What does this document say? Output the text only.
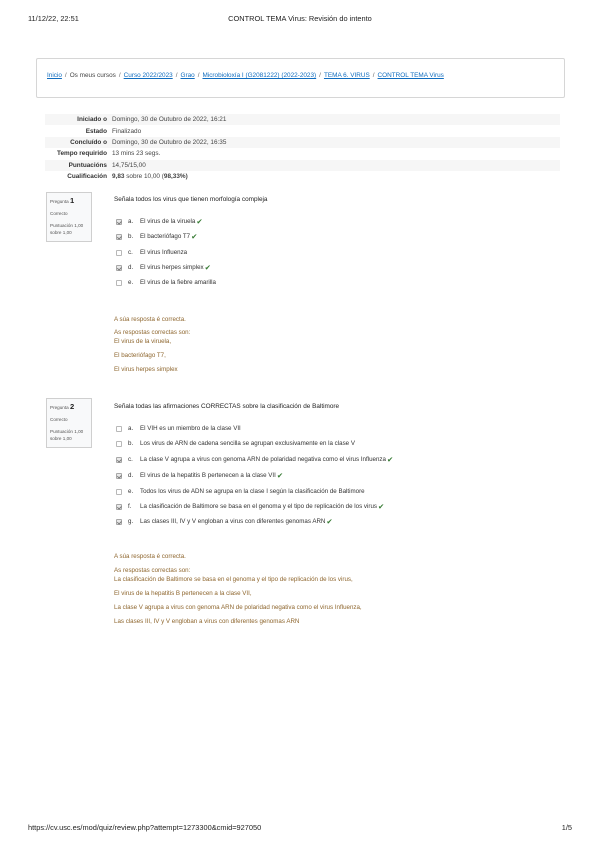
11/12/22, 22:51	CONTROL TEMA Virus: Revisión do intento
Inicio / Os meus cursos / Curso 2022/2023 / Grao / Microbioloxía I (G2081222) (2022-2023) / TEMA 6. VIRUS / CONTROL TEMA Virus
Iniciado o	Domingo, 30 de Outubro de 2022, 16:21
Estado	Finalizado
Concluído o	Domingo, 30 de Outubro de 2022, 16:35
Tempo requirido	13 mins 23 segs.
Puntuacións	14,75/15,00
Cualificación	9,83 sobre 10,00 (98,33%)
Pregunta 1
Correcto
Puntuación 1,00 sobre 1,00
Señala todos los virus que tienen morfología compleja
a.	El virus de la viruela ✔
b.	El bacteriófago T7 ✔
c.	El virus Influenza
d.	El virus herpes simplex ✔
e.	El virus de la fiebre amarilla
A súa resposta é correcta.
As respostas correctas son:
El virus de la viruela,
El bacteriófago T7,
El virus herpes simplex
Pregunta 2
Correcto
Puntuación 1,00 sobre 1,00
Señala todas las afirmaciones CORRECTAS sobre la clasificación de Baltimore
a.	El VIH es un miembro de la clase VII
b.	Los virus de ARN de cadena sencilla se agrupan exclusivamente en la clase V
c.	La clase V agrupa a virus con genoma ARN de polaridad negativa como el virus Influenza ✔
d.	El virus de la hepatitis B pertenecen a la clase VII ✔
e.	Todos los virus de ADN se agrupa en la clase I según la clasificación de Baltimore
f.	La clasificación de Baltimore se basa en el genoma y el tipo de replicación de los virus ✔
g.	Las clases III, IV y V engloban a virus con diferentes genomas ARN ✔
A súa resposta é correcta.
As respostas correctas son:
La clasificación de Baltimore se basa en el genoma y el tipo de replicación de los virus,
El virus de la hepatitis B pertenecen a la clase VII,
La clase V agrupa a virus con genoma ARN de polaridad negativa como el virus Influenza,
Las clases III, IV y V engloban a virus con diferentes genomas ARN
https://cv.usc.es/mod/quiz/review.php?attempt=1273300&cmid=927050	1/5
